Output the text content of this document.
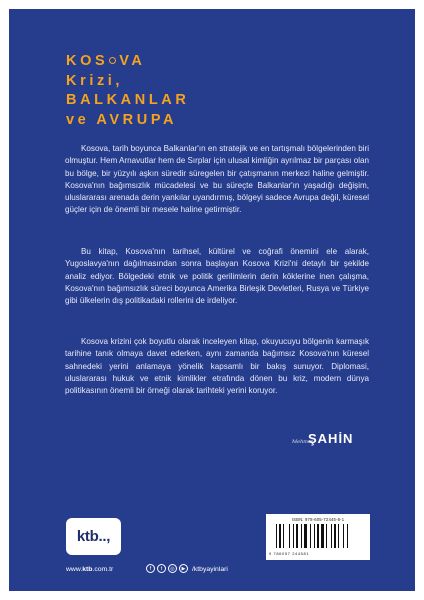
KOS VA
Krizi,
BALKANLAR
ve AVRUPA
Kosova, tarih boyunca Balkanlar'ın en stratejik ve en tartışmalı bölgelerinden biri olmuştur. Hem Arnavutlar hem de Sırplar için ulusal kimliğin ayrılmaz bir parçası olan bu bölge, bir yüzyılı aşkın süredir süregelen bir çatışmanın merkezi haline gelmiştir. Kosova'nın bağımsızlık mücadelesi ve bu süreçte Balkanlar'ın yaşadığı değişim, uluslararası arenada derin yankılar uyandırmış, bölgeyi sadece Avrupa değil, küresel güçler için de önemli bir mesele haline getirmiştir.
Bu kitap, Kosova'nın tarihsel, kültürel ve coğrafi önemini ele alarak, Yugoslavya'nın dağılmasından sonra başlayan Kosova Krizi'ni detaylı bir şekilde analiz ediyor. Bölgedeki etnik ve politik gerilimlerin derin köklerine inen çalışma, Kosova'nın bağımsızlık süreci boyunca Amerika Birleşik Devletleri, Rusya ve Türkiye gibi ülkelerin dış politikadaki rollerini de irdeliyor.
Kosova krizini çok boyutlu olarak inceleyen kitap, okuyucuyu bölgenin karmaşık tarihine tanık olmaya davet ederken, aynı zamanda bağımsız Kosova'nın küresel sahnedeki yerini anlamaya yönelik kapsamlı bir bakış sunuyor. Diplomasi, uluslararası hukuk ve etnik kimlikler etrafında dönen bu kriz, modern dünya politikasının önemli bir örneği olarak tarihteki yerini koruyor.
Mehmet
ŞAHİN
ktb..,
ISBN: 978-605-72445-8-1
9 786057 244581
www.ktb.com.tr	f	t	◎	▶ /ktbyayinlari
